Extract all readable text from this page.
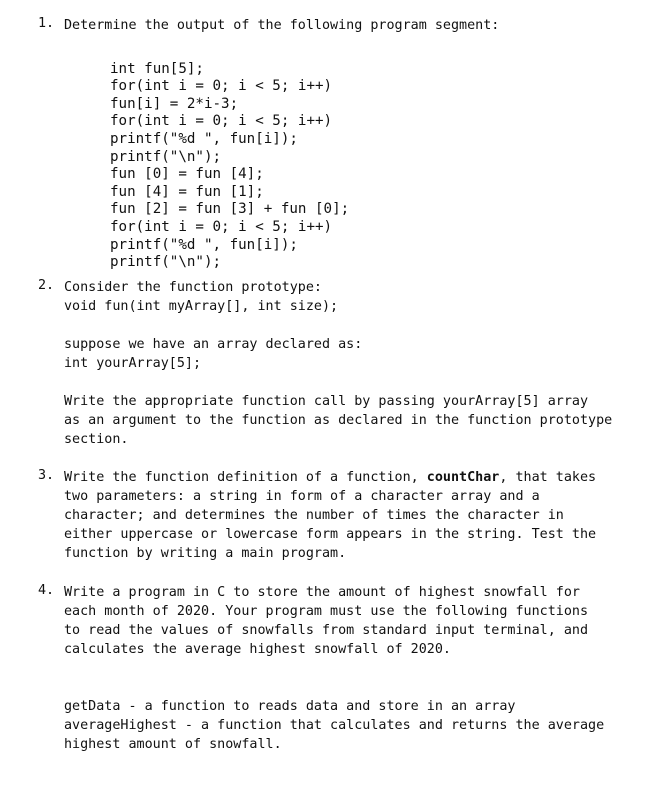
1. Determine the output of the following program segment:

int fun[5];
for(int i = 0; i < 5; i++)
fun[i] = 2*i-3;
for(int i = 0; i < 5; i++)
printf("%d ", fun[i]);
printf("\n");
fun [0] = fun [4];
fun [4] = fun [1];
fun [2] = fun [3] + fun [0];
for(int i = 0; i < 5; i++)
printf("%d ", fun[i]);
printf("\n");
2. Consider the function prototype:
void fun(int myArray[], int size);
suppose we have an array declared as:
int yourArray[5];
Write the appropriate function call by passing yourArray[5] array
as an argument to the function as declared in the function prototype
section.
3. Write the function definition of a function, countChar, that takes
two parameters: a string in form of a character array and a
character; and determines the number of times the character in
either uppercase or lowercase form appears in the string. Test the
function by writing a main program.
4. Write a program in C to store the amount of highest snowfall for
each month of 2020. Your program must use the following functions
to read the values of snowfalls from standard input terminal, and
calculates the average highest snowfall of 2020.
getData - a function to reads data and store in an array
averageHighest - a function that calculates and returns the average
highest amount of snowfall.
